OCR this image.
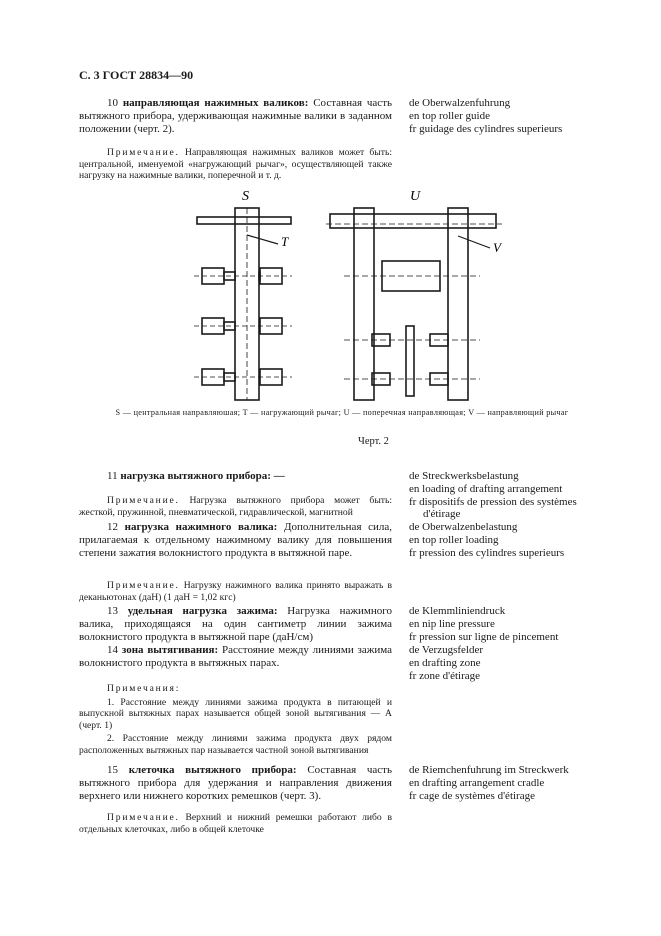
С. 3 ГОСТ 28834—90
10 направляющая нажимных валиков: Составная часть вытяжного прибора, удерживающая нажимные валики в заданном положении (черт. 2).
Примечание. Направляющая нажимных валиков может быть: центральной, именуемой «нагружающий рычаг», осуществляющей также нагрузку на нажимные валики, поперечной и т. д.
de Oberwalzenfuhrung
en top roller guide
fr guidage des cylindres superieurs
S
T
U
V
S — центральная направляюшая; T — нагружающий рычаг; U — поперечная направляющая; V — направляющий рычаг
Черт. 2
11 нагрузка вытяжного прибора: —
Примечание. Нагрузка вытяжного прибора может быть: жесткой, пружинной, пневматической, гидравлической, магнитной
de Streckwerksbelastung
en loading of drafting arrangement
fr dispositifs de pression des systèmes
d'étirage
12 нагрузка нажимного валика: Дополнительная сила, прилагаемая к отдельному нажимному валику для повышения степени зажатия волокнистого продукта в вытяжной паре.
Примечание. Нагрузку нажимного валика принято выражать в деканьютонах (даН) (1 даН = 1,02 кгс)
de Oberwalzenbelastung
en top roller loading
fr pression des cylindres superieurs
13 удельная нагрузка зажима: Нагрузка нажимного валика, приходящаяся на один сантиметр линии зажима волокнистого продукта в вытяжной паре (даН/см)
de Klemmliniendruck
en nip line pressure
fr pression sur ligne de pincement
14 зона вытягивания: Расстояние между линиями зажима волокнистого продукта в вытяжных парах.
Примечания:
1. Расстояние между линиями зажима продукта в питающей и выпускной вытяжных парах называется общей зоной вытягивания — А (черт. 1)
2. Расстояние между линиями зажима продукта двух рядом расположенных вытяжных пар называется частной зоной вытягивания
de Verzugsfelder
en drafting zone
fr zone d'étirage
15 клеточка вытяжного прибора: Составная часть вытяжного прибора для удержания и направления движения верхнего или нижнего коротких ремешков (черт. 3).
Примечание. Верхний и нижний ремешки работают либо в отдельных клеточках, либо в общей клеточке
de Riemchenfuhrung im Streckwerk
en drafting arrangement cradle
fr cage de systèmes d'étirage
